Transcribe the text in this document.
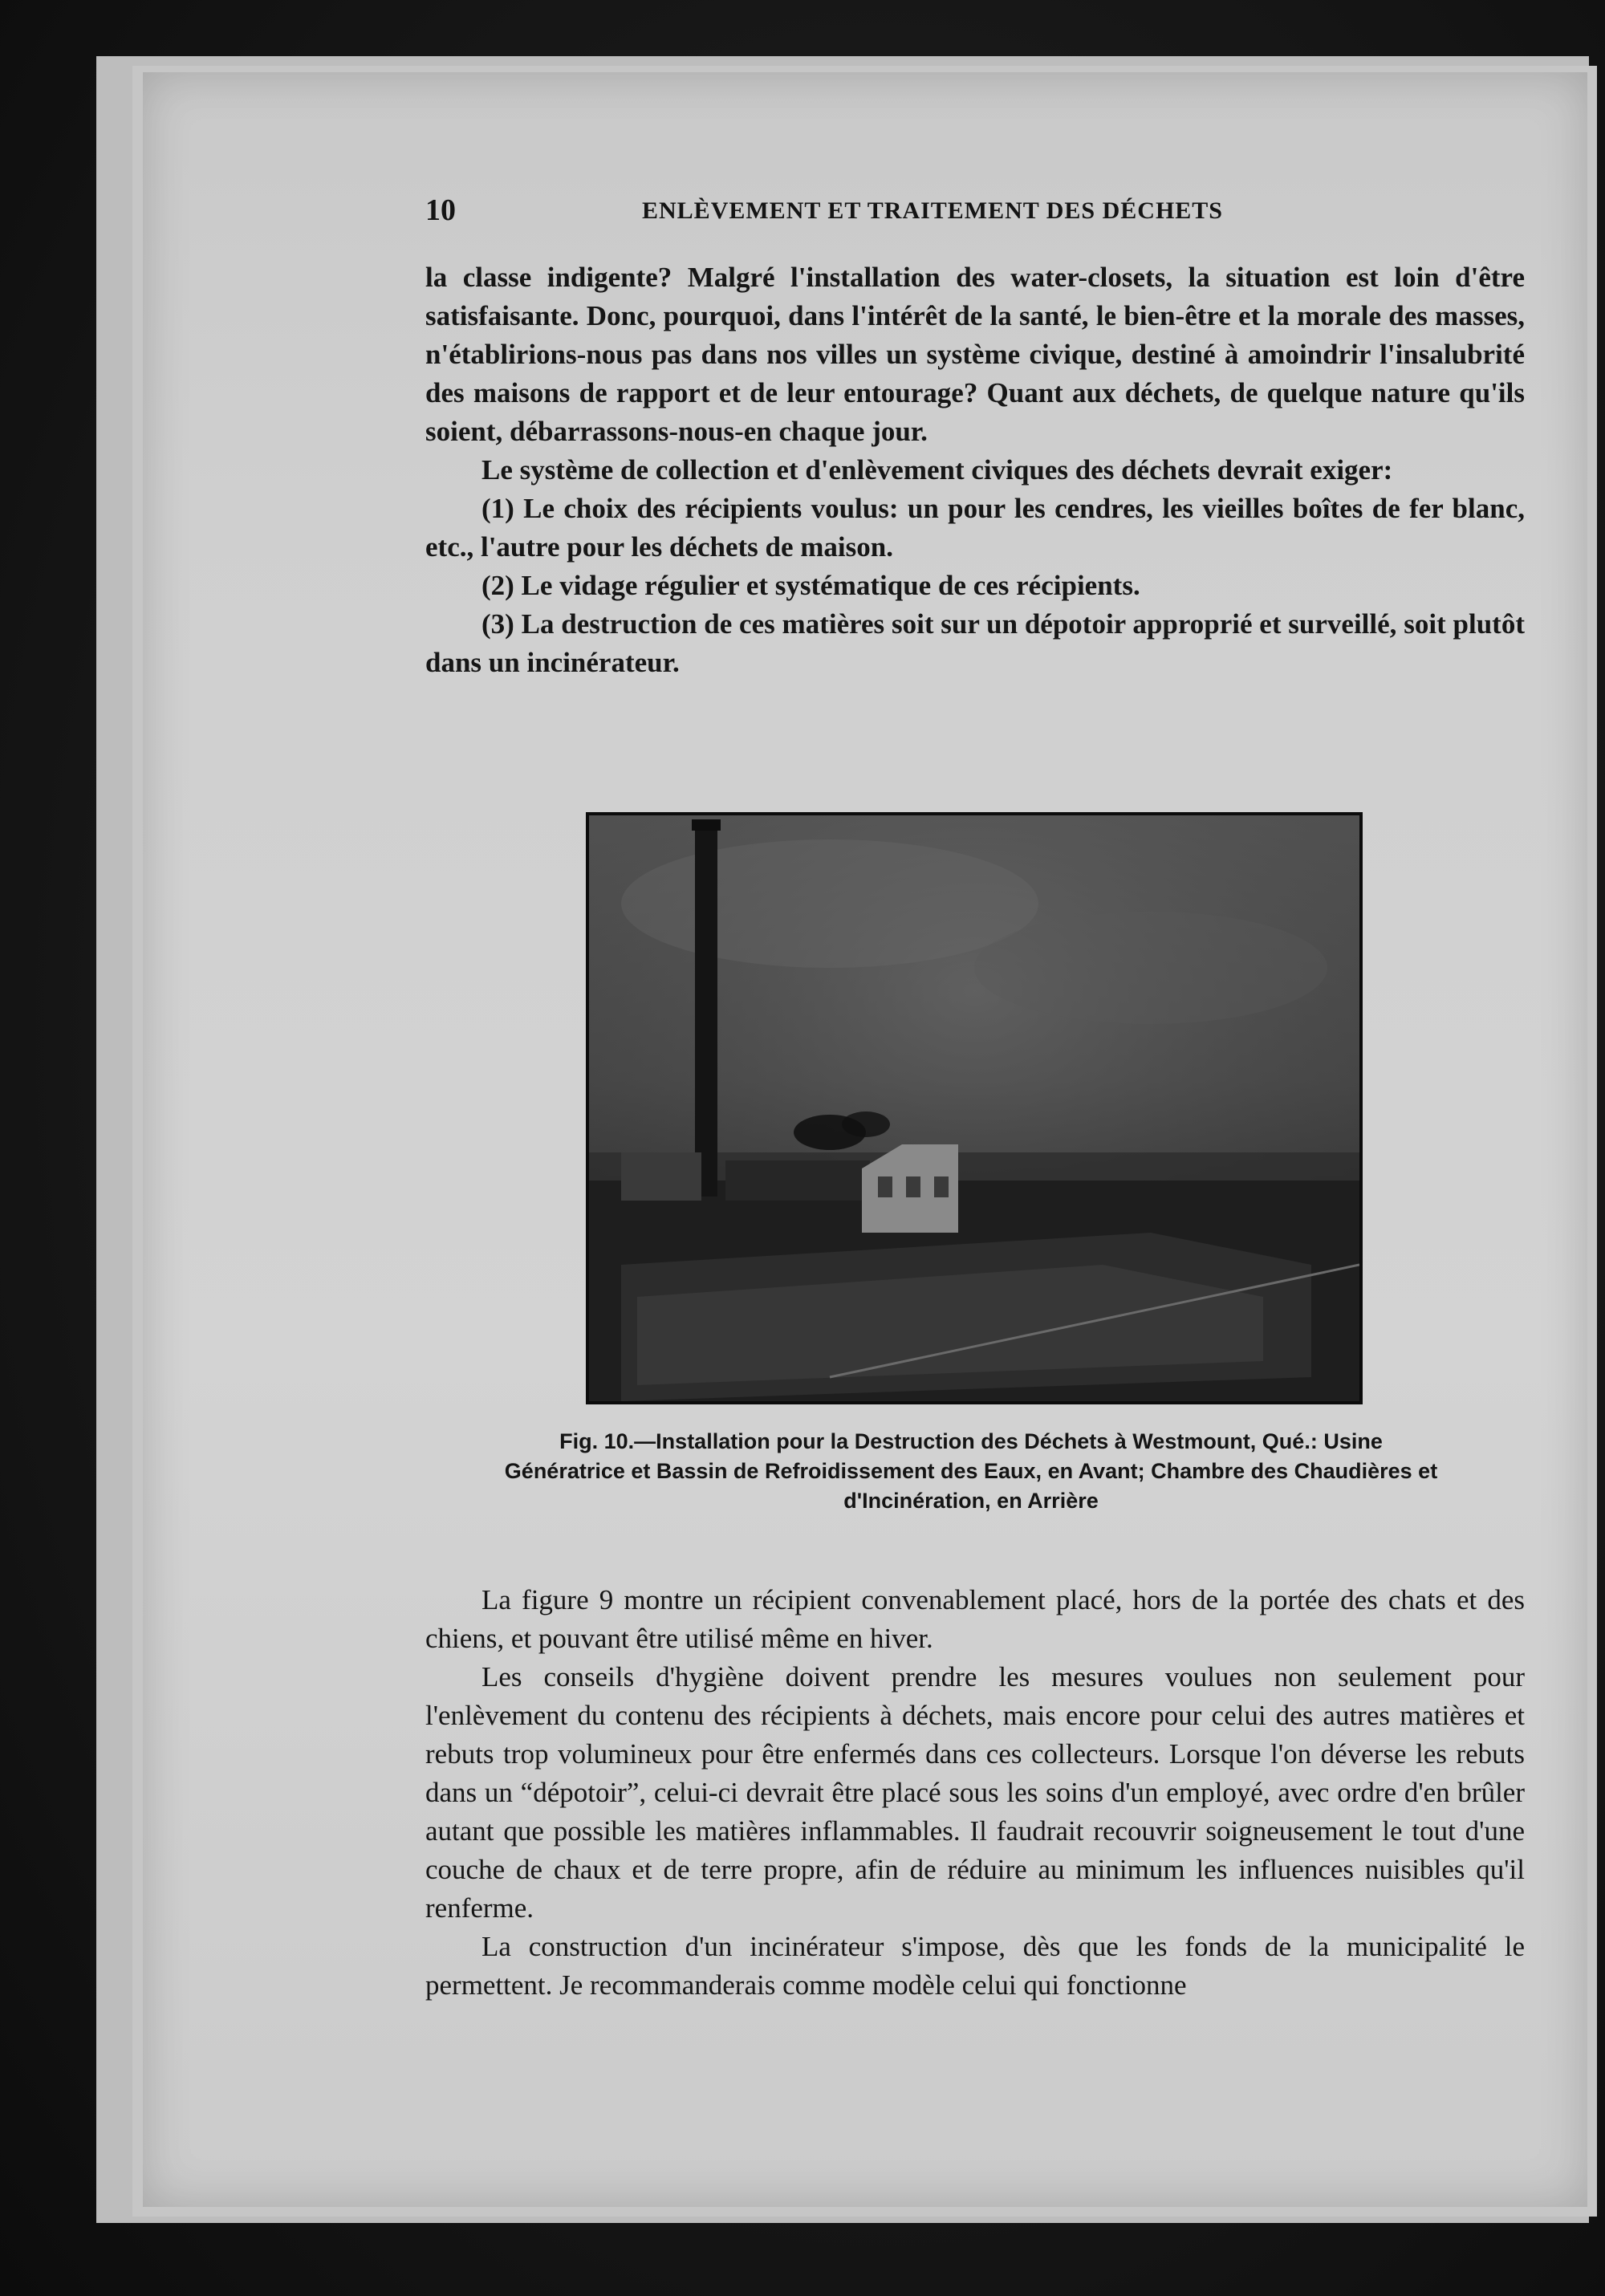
10	ENLÈVEMENT ET TRAITEMENT DES DÉCHETS

la classe indigente? Malgré l'installation des water-closets, la situation est loin d'être satisfaisante. Donc, pourquoi, dans l'intérêt de la santé, le bien-être et la morale des masses, n'établirions-nous pas dans nos villes un système civique, destiné à amoindrir l'insalubrité des maisons de rapport et de leur entourage? Quant aux déchets, de quelque nature qu'ils soient, débarrassons-nous-en chaque jour.

Le système de collection et d'enlèvement civiques des déchets devrait exiger:

(1) Le choix des récipients voulus: un pour les cendres, les vieilles boîtes de fer blanc, etc., l'autre pour les déchets de maison.

(2) Le vidage régulier et systématique de ces récipients.

(3) La destruction de ces matières soit sur un dépotoir approprié et surveillé, soit plutôt dans un incinérateur.

Fig. 10.—Installation pour la Destruction des Déchets à Westmount, Qué.: Usine Génératrice et Bassin de Refroidissement des Eaux, en Avant; Chambre des Chaudières et d'Incinération, en Arrière

La figure 9 montre un récipient convenablement placé, hors de la portée des chats et des chiens, et pouvant être utilisé même en hiver.

Les conseils d'hygiène doivent prendre les mesures voulues non seulement pour l'enlèvement du contenu des récipients à déchets, mais encore pour celui des autres matières et rebuts trop volumineux pour être enfermés dans ces collecteurs. Lorsque l'on déverse les rebuts dans un “dépotoir”, celui-ci devrait être placé sous les soins d'un employé, avec ordre d'en brûler autant que possible les matières inflammables. Il faudrait recouvrir soigneusement le tout d'une couche de chaux et de terre propre, afin de réduire au minimum les influences nuisibles qu'il renferme.

La construction d'un incinérateur s'impose, dès que les fonds de la municipalité le permettent. Je recommanderais comme modèle celui qui fonctionne
